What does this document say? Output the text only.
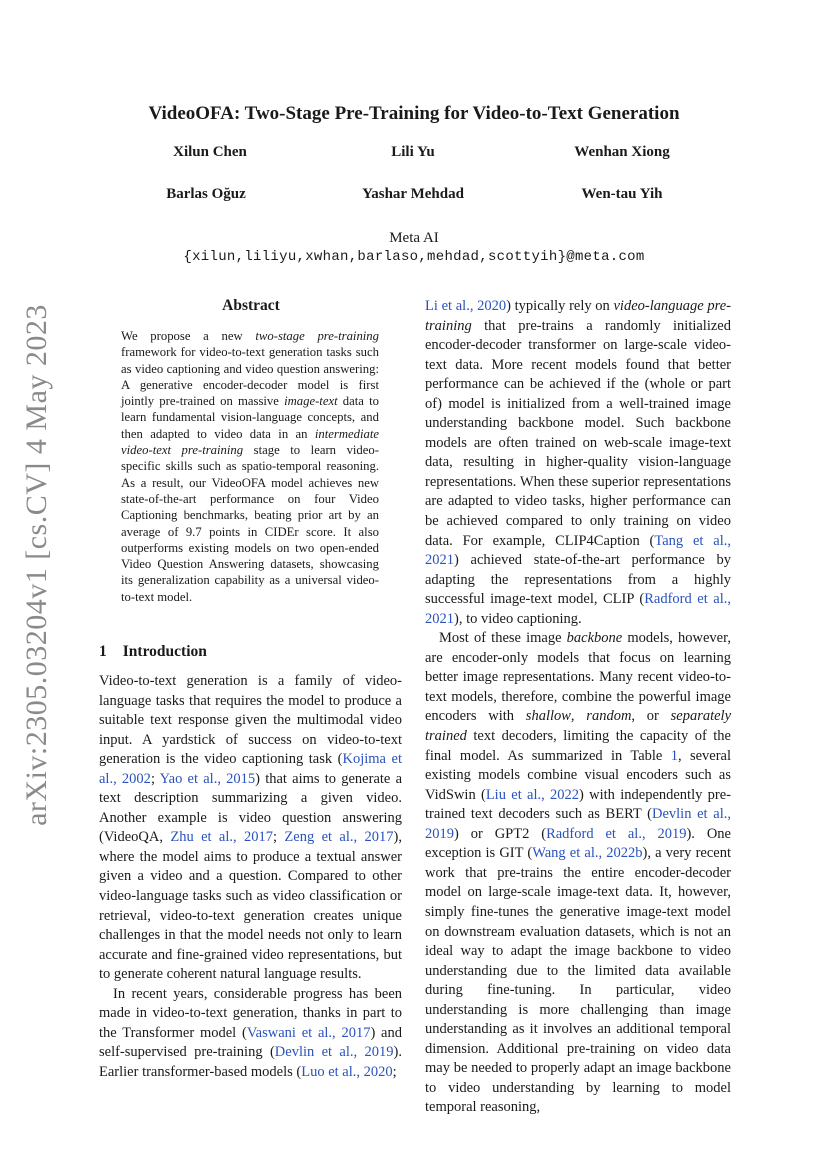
arXiv:2305.03204v1 [cs.CV] 4 May 2023
VideoOFA: Two-Stage Pre-Training for Video-to-Text Generation
Xilun Chen	Lili Yu	Wenhan Xiong
Barlas Oğuz	Yashar Mehdad	Wen-tau Yih
Meta AI
{xilun,liliyu,xwhan,barlaso,mehdad,scottyih}@meta.com
Abstract

We propose a new two-stage pre-training framework for video-to-text generation tasks such as video captioning and video question answering: A generative encoder-decoder model is first jointly pre-trained on massive image-text data to learn fundamental vision-language concepts, and then adapted to video data in an intermediate video-text pre-training stage to learn video-specific skills such as spatio-temporal reasoning. As a result, our VideoOFA model achieves new state-of-the-art performance on four Video Captioning benchmarks, beating prior art by an average of 9.7 points in CIDEr score. It also outperforms existing models on two open-ended Video Question Answering datasets, showcasing its generalization capability as a universal video-to-text model.

1 Introduction

Video-to-text generation is a family of video-language tasks that requires the model to produce a suitable text response given the multimodal video input. A yardstick of success on video-to-text generation is the video captioning task (Kojima et al., 2002; Yao et al., 2015) that aims to generate a text description summarizing a given video. Another example is video question answering (VideoQA, Zhu et al., 2017; Zeng et al., 2017), where the model aims to produce a textual answer given a video and a question. Compared to other video-language tasks such as video classification or retrieval, video-to-text generation creates unique challenges in that the model needs not only to learn accurate and fine-grained video representations, but to generate coherent natural language results.

In recent years, considerable progress has been made in video-to-text generation, thanks in part to the Transformer model (Vaswani et al., 2017) and self-supervised pre-training (Devlin et al., 2019). Earlier transformer-based models (Luo et al., 2020;

Li et al., 2020) typically rely on video-language pre-training that pre-trains a randomly initialized encoder-decoder transformer on large-scale video-text data. More recent models found that better performance can be achieved if the (whole or part of) model is initialized from a well-trained image understanding backbone model. Such backbone models are often trained on web-scale image-text data, resulting in higher-quality vision-language representations. When these superior representations are adapted to video tasks, higher performance can be achieved compared to only training on video data. For example, CLIP4Caption (Tang et al., 2021) achieved state-of-the-art performance by adapting the representations from a highly successful image-text model, CLIP (Radford et al., 2021), to video captioning.

Most of these image backbone models, however, are encoder-only models that focus on learning better image representations. Many recent video-to-text models, therefore, combine the powerful image encoders with shallow, random, or separately trained text decoders, limiting the capacity of the final model. As summarized in Table 1, several existing models combine visual encoders such as VidSwin (Liu et al., 2022) with independently pre-trained text decoders such as BERT (Devlin et al., 2019) or GPT2 (Radford et al., 2019). One exception is GIT (Wang et al., 2022b), a very recent work that pre-trains the entire encoder-decoder model on large-scale image-text data. It, however, simply fine-tunes the generative image-text model on downstream evaluation datasets, which is not an ideal way to adapt the image backbone to video understanding due to the limited data available during fine-tuning. In particular, video understanding is more challenging than image understanding as it involves an additional temporal dimension. Additional pre-training on video data may be needed to properly adapt an image backbone to video understanding by learning to model temporal reasoning,
